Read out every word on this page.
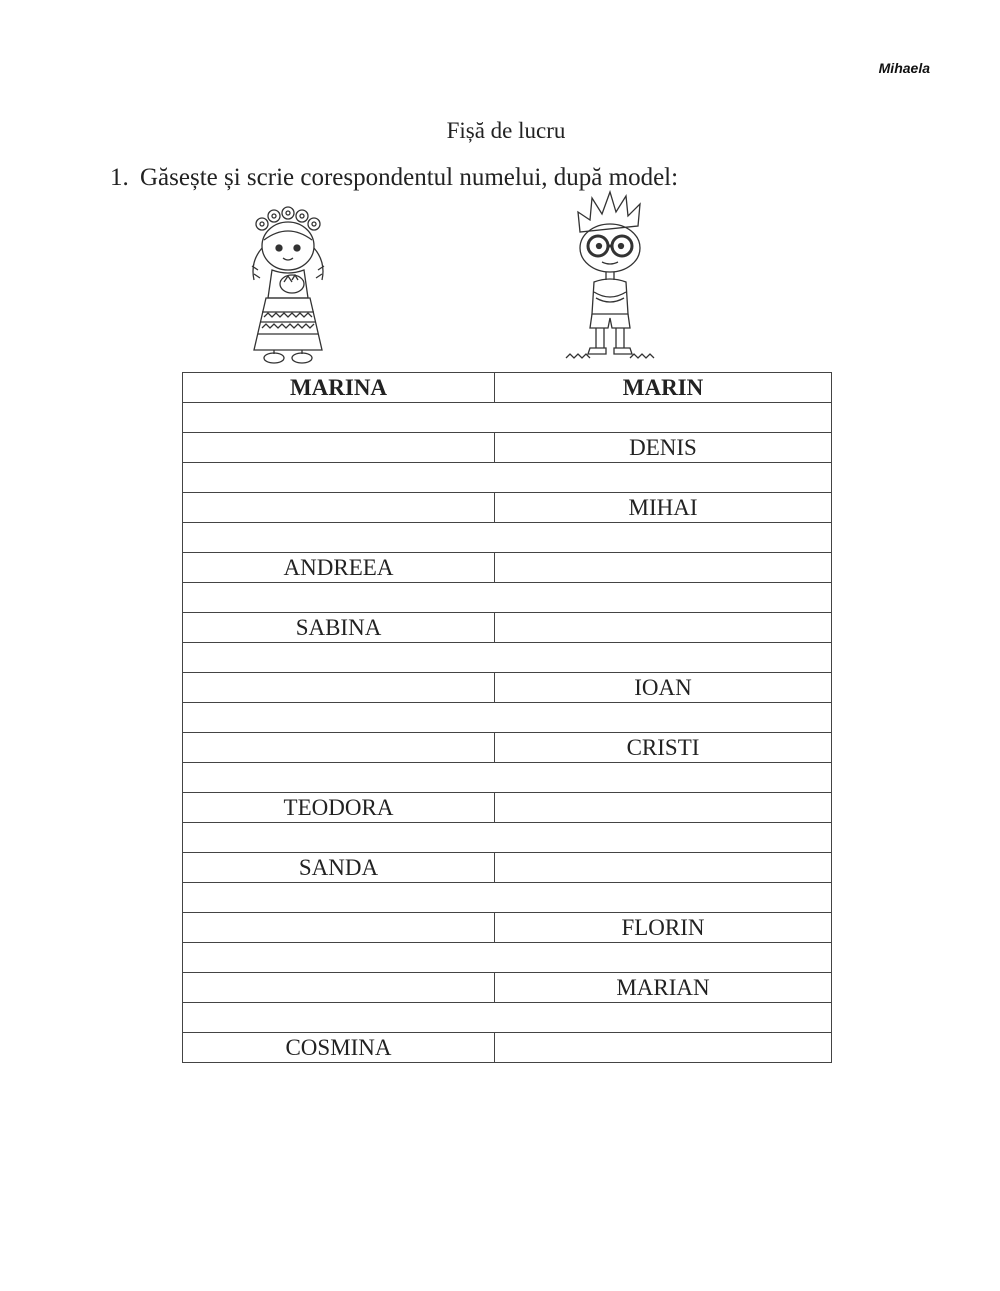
Mihaela
Fișă de lucru
1. Găsește și scrie corespondentul numelui, după model:
MARINA	MARIN

	DENIS

	MIHAI

ANDREEA	

SABINA	

	IOAN

	CRISTI

TEODORA	

SANDA	

	FLORIN

	MARIAN

COSMINA	
